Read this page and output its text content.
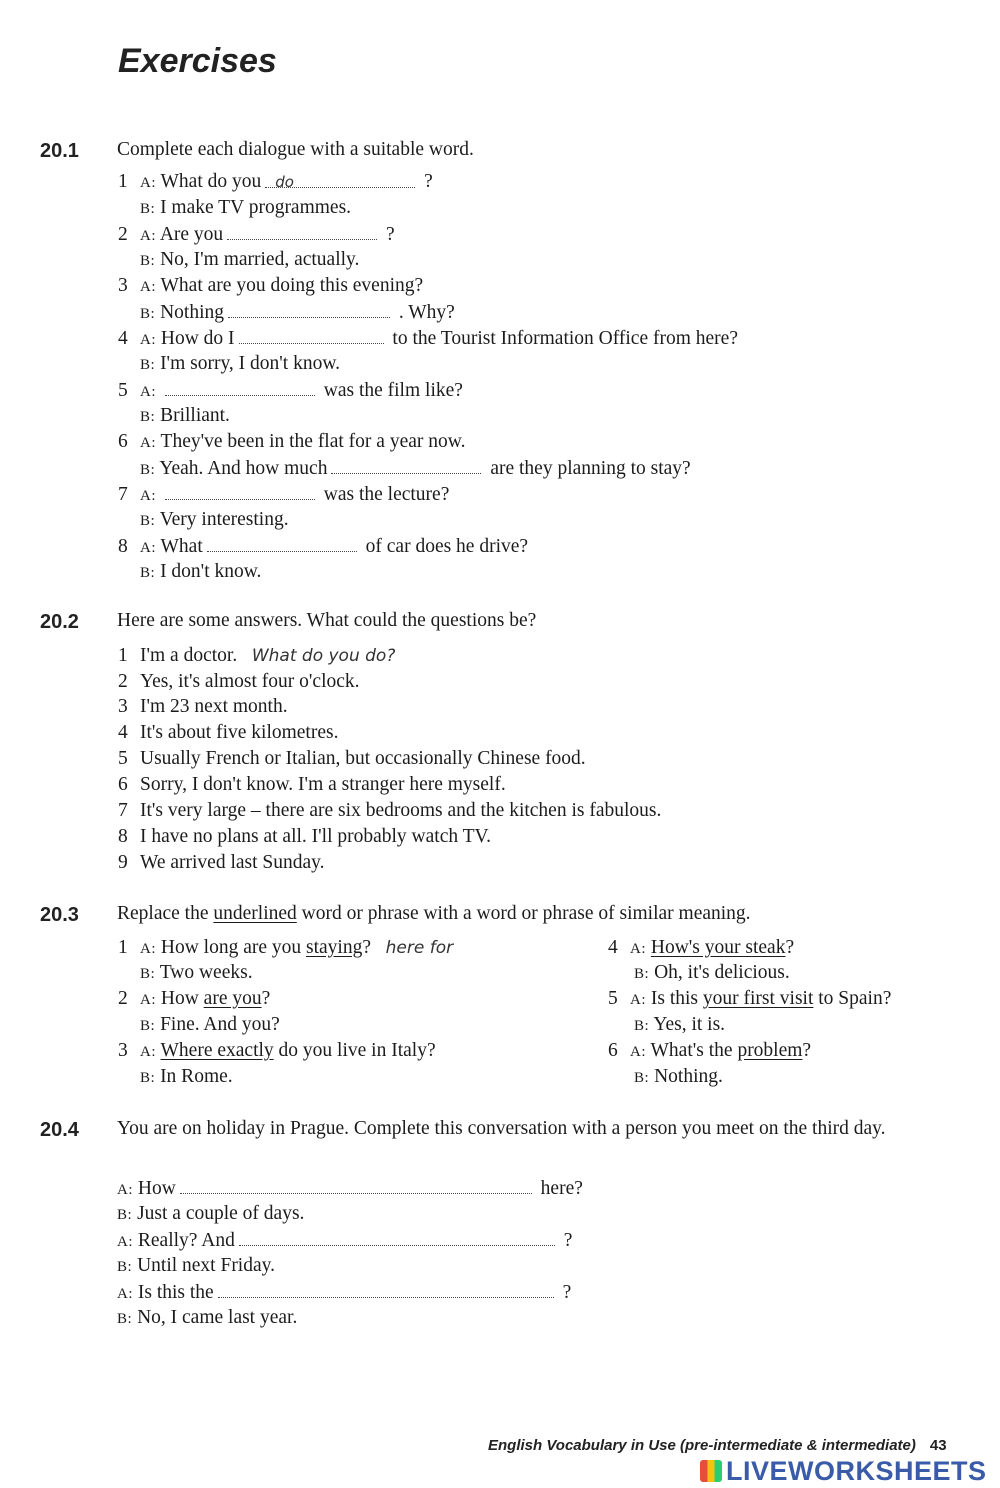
Exercises
20.1 Complete each dialogue with a suitable word.
1 A: What do you do	?
B: I make TV programmes.
2 A: Are you	?
B: No, I'm married, actually.
3 A: What are you doing this evening?
B: Nothing	. Why?
4 A: How do I	to the Tourist Information Office from here?
B: I'm sorry, I don't know.
5 A:	was the film like?
B: Brilliant.
6 A: They've been in the flat for a year now.
B: Yeah. And how much	are they planning to stay?
7 A:	was the lecture?
B: Very interesting.
8 A: What	of car does he drive?
B: I don't know.
20.2 Here are some answers. What could the questions be?
1 I'm a doctor. What do you do?
2 Yes, it's almost four o'clock.
3 I'm 23 next month.
4 It's about five kilometres.
5 Usually French or Italian, but occasionally Chinese food.
6 Sorry, I don't know. I'm a stranger here myself.
7 It's very large – there are six bedrooms and the kitchen is fabulous.
8 I have no plans at all. I'll probably watch TV.
9 We arrived last Sunday.
20.3 Replace the underlined word or phrase with a word or phrase of similar meaning.
1 A: How long are you staying? here for
B: Two weeks.
2 A: How are you?
B: Fine. And you?
3 A: Where exactly do you live in Italy?
B: In Rome.
4 A: How's your steak?
B: Oh, it's delicious.
5 A: Is this your first visit to Spain?
B: Yes, it is.
6 A: What's the problem?
B: Nothing.
20.4 You are on holiday in Prague. Complete this conversation with a person you meet on the third day.
A: How	here?
B: Just a couple of days.
A: Really? And	?
B: Until next Friday.
A: Is this the	?
B: No, I came last year.
English Vocabulary in Use (pre-intermediate & intermediate) 43
LIVEWORKSHEETS
